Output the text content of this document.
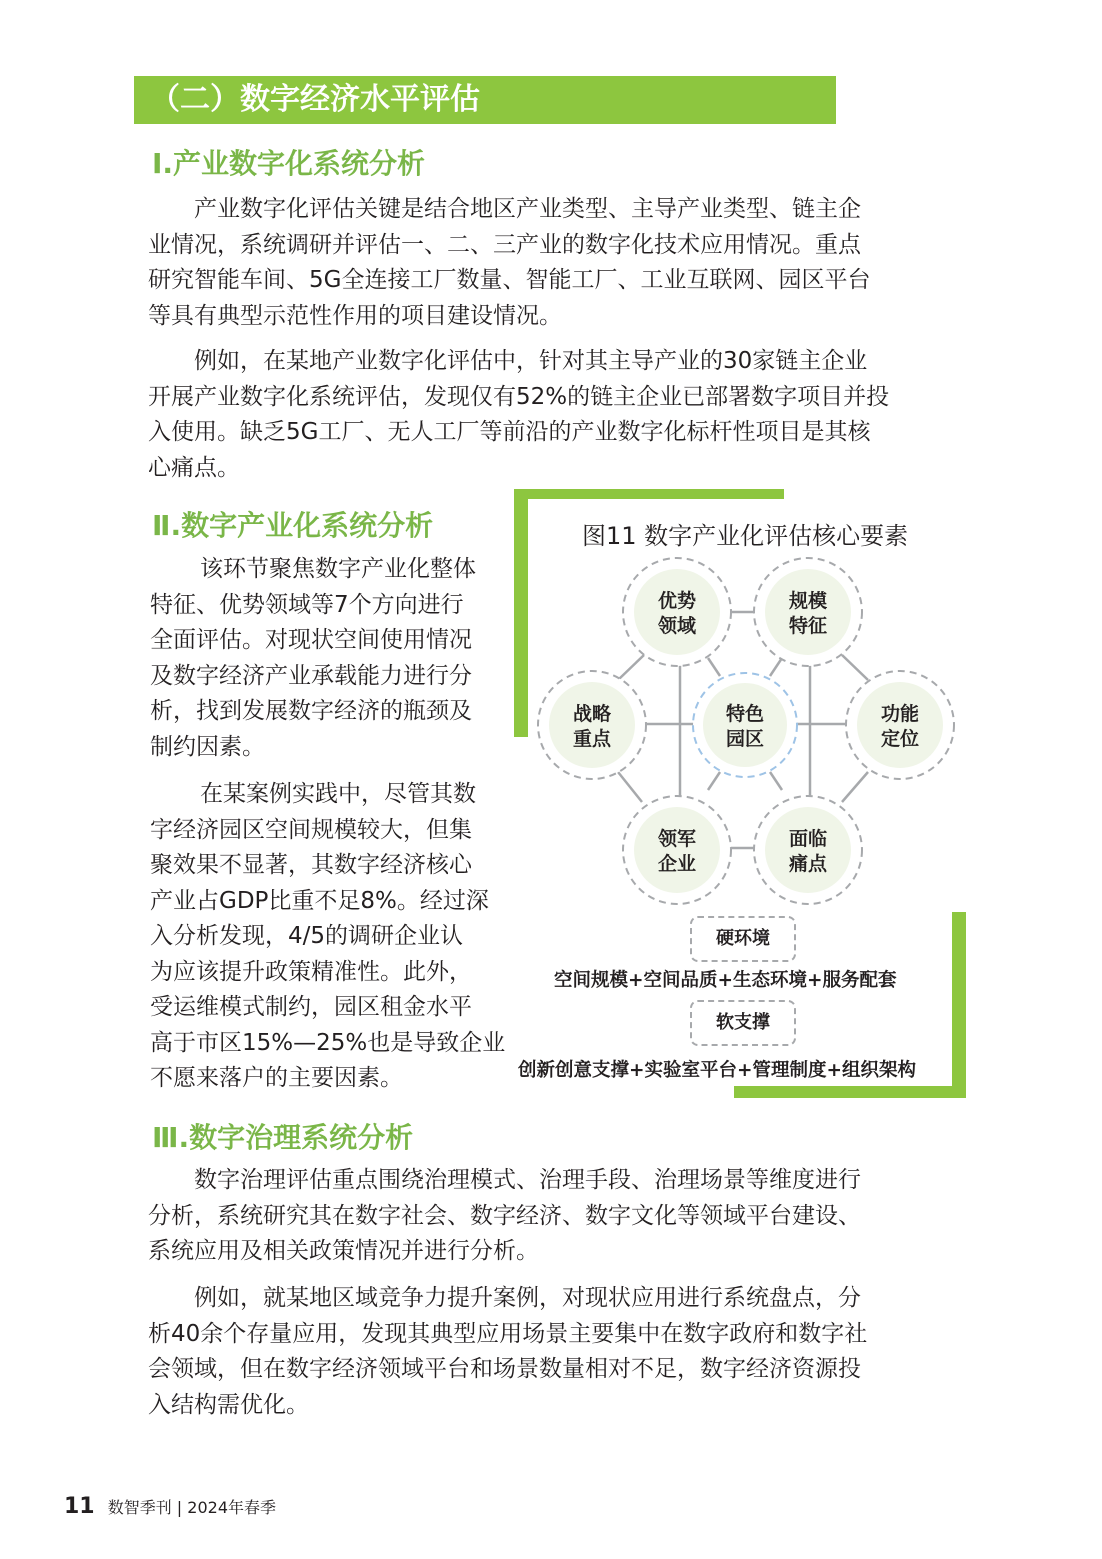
（二）数字经济水平评估
Ⅰ.产业数字化系统分析
产业数字化评估关键是结合地区产业类型、主导产业类型、链主企
业情况，系统调研并评估一、二、三产业的数字化技术应用情况。重点
研究智能车间、5G全连接工厂数量、智能工厂、工业互联网、园区平台
等具有典型示范性作用的项目建设情况。
例如，在某地产业数字化评估中，针对其主导产业的30家链主企业
开展产业数字化系统评估，发现仅有52%的链主企业已部署数字项目并投
入使用。缺乏5G工厂、无人工厂等前沿的产业数字化标杆性项目是其核
心痛点。
Ⅱ.数字产业化系统分析
该环节聚焦数字产业化整体
特征、优势领域等7个方向进行
全面评估。对现状空间使用情况
及数字经济产业承载能力进行分
析，找到发展数字经济的瓶颈及
制约因素。
在某案例实践中，尽管其数
字经济园区空间规模较大，但集
聚效果不显著，其数字经济核心
产业占GDP比重不足8%。经过深
入分析发现，4/5的调研企业认
为应该提升政策精准性。此外，
受运维模式制约，园区租金水平
高于市区15%—25%也是导致企业
不愿来落户的主要因素。
图11 数字产业化评估核心要素
优势
领域
规模
特征
战略
重点
特色
园区
功能
定位
领军
企业
面临
痛点
硬环境
空间规模+空间品质+生态环境+服务配套
软支撑
创新创意支撑+实验室平台+管理制度+组织架构
Ⅲ.数字治理系统分析
数字治理评估重点围绕治理模式、治理手段、治理场景等维度进行
分析，系统研究其在数字社会、数字经济、数字文化等领域平台建设、
系统应用及相关政策情况并进行分析。
例如，就某地区域竞争力提升案例，对现状应用进行系统盘点，分
析40余个存量应用，发现其典型应用场景主要集中在数字政府和数字社
会领域，但在数字经济领域平台和场景数量相对不足，数字经济资源投
入结构需优化。
11 数智季刊 | 2024年春季
